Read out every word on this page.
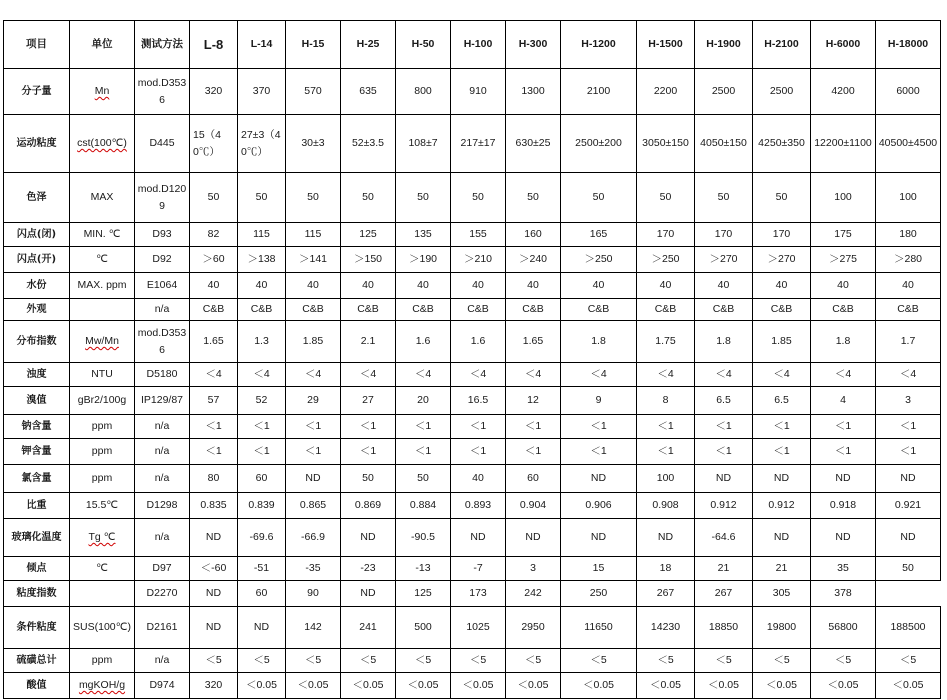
项目	单位	测试方法	L-8	L-14	H-15	H-25	H-50	H-100	H-300	H-1200	H-1500	H-1900	H-2100	H-6000	H-18000
分子量	Mn	mod.D3536	320	370	570	635	800	910	1300	2100	2200	2500	2500	4200	6000
运动粘度	cst(100℃)	D445	15（40℃）	27±3（40℃）	30±3	52±3.5	108±7	217±17	630±25	2500±200	3050±150	4050±150	4250±350	12200±1100	40500±4500
色泽	MAX	mod.D1209	50	50	50	50	50	50	50	50	50	50	50	100	100
闪点(闭)	MIN. ℃	D93	82	115	115	125	135	155	160	165	170	170	170	175	180
闪点(开)	℃	D92	＞60	＞138	＞141	＞150	＞190	＞210	＞240	＞250	＞250	＞270	＞270	＞275	＞280
水份	MAX. ppm	E1064	40	40	40	40	40	40	40	40	40	40	40	40	40
外观		n/a	C&B	C&B	C&B	C&B	C&B	C&B	C&B	C&B	C&B	C&B	C&B	C&B	C&B
分布指数	Mw/Mn	mod.D3536	1.65	1.3	1.85	2.1	1.6	1.6	1.65	1.8	1.75	1.8	1.85	1.8	1.7
浊度	NTU	D5180	＜4	＜4	＜4	＜4	＜4	＜4	＜4	＜4	＜4	＜4	＜4	＜4	＜4
溴值	gBr2/100g	IP129/87	57	52	29	27	20	16.5	12	9	8	6.5	6.5	4	3
钠含量	ppm	n/a	＜1	＜1	＜1	＜1	＜1	＜1	＜1	＜1	＜1	＜1	＜1	＜1	＜1
钾含量	ppm	n/a	＜1	＜1	＜1	＜1	＜1	＜1	＜1	＜1	＜1	＜1	＜1	＜1	＜1
氯含量	ppm	n/a	80	60	ND	50	50	40	60	ND	100	ND	ND	ND	ND
比重	15.5℃	D1298	0.835	0.839	0.865	0.869	0.884	0.893	0.904	0.906	0.908	0.912	0.912	0.918	0.921
玻璃化温度	Tg ℃	n/a	ND	-69.6	-66.9	ND	-90.5	ND	ND	ND	ND	-64.6	ND	ND	ND
倾点	℃	D97	＜-60	-51	-35	-23	-13	-7	3	15	18	21	21	35	50
粘度指数		D2270	ND	60	90	ND	125	173	242	250	267	267	305	378	
条件粘度	SUS(100℃)	D2161	ND	ND	142	241	500	1025	2950	11650	14230	18850	19800	56800	188500
硫磺总计	ppm	n/a	＜5	＜5	＜5	＜5	＜5	＜5	＜5	＜5	＜5	＜5	＜5	＜5	＜5
酸值	mgKOH/g	D974	320	＜0.05	＜0.05	＜0.05	＜0.05	＜0.05	＜0.05	＜0.05	＜0.05	＜0.05	＜0.05	＜0.05	＜0.05
